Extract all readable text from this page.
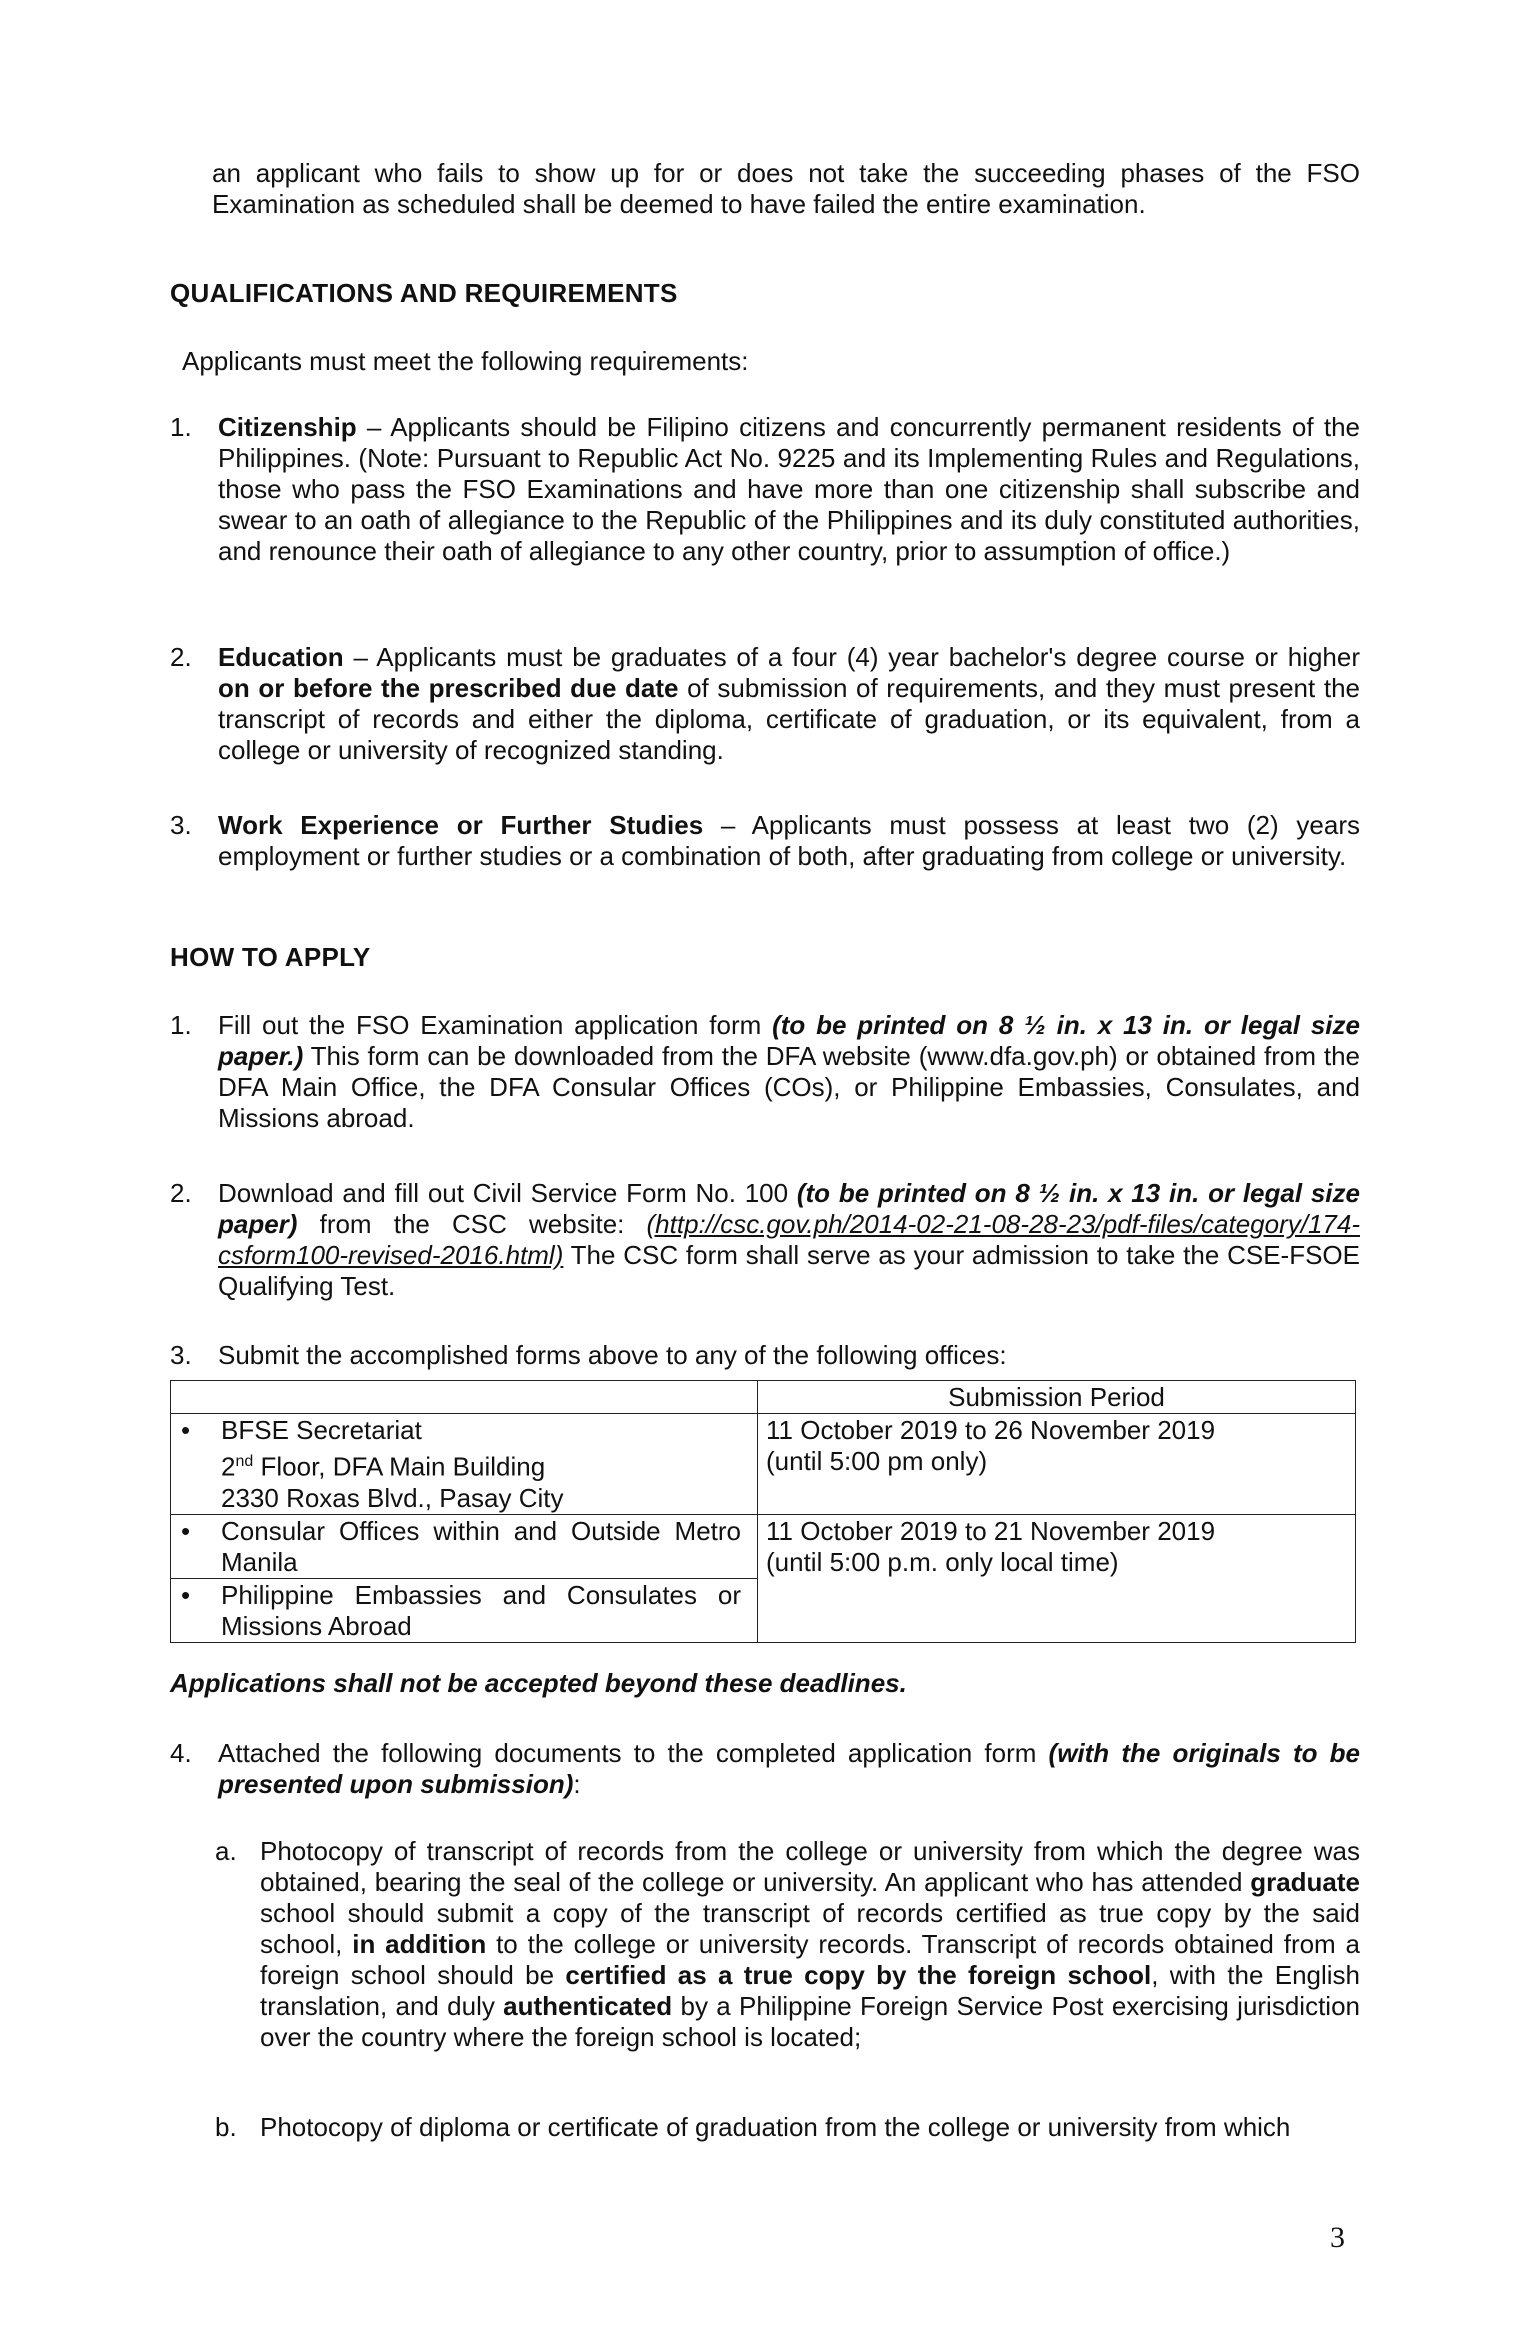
an applicant who fails to show up for or does not take the succeeding phases of the FSO Examination as scheduled shall be deemed to have failed the entire examination.
QUALIFICATIONS AND REQUIREMENTS
Applicants must meet the following requirements:
1.	Citizenship – Applicants should be Filipino citizens and concurrently permanent residents of the Philippines. (Note: Pursuant to Republic Act No. 9225 and its Implementing Rules and Regulations, those who pass the FSO Examinations and have more than one citizenship shall subscribe and swear to an oath of allegiance to the Republic of the Philippines and its duly constituted authorities, and renounce their oath of allegiance to any other country, prior to assumption of office.)
2.	Education – Applicants must be graduates of a four (4) year bachelor's degree course or higher on or before the prescribed due date of submission of requirements, and they must present the transcript of records and either the diploma, certificate of graduation, or its equivalent, from a college or university of recognized standing.
3.	Work Experience or Further Studies – Applicants must possess at least two (2) years employment or further studies or a combination of both, after graduating from college or university.
HOW TO APPLY
1.	Fill out the FSO Examination application form (to be printed on 8 ½ in. x 13 in. or legal size paper.) This form can be downloaded from the DFA website (www.dfa.gov.ph) or obtained from the DFA Main Office, the DFA Consular Offices (COs), or Philippine Embassies, Consulates, and Missions abroad.
2.	Download and fill out Civil Service Form No. 100 (to be printed on 8 ½ in. x 13 in. or legal size paper) from the CSC website: (http://csc.gov.ph/2014-02-21-08-28-23/pdf-files/category/174-csform100-revised-2016.html) The CSC form shall serve as your admission to take the CSE-FSOE Qualifying Test.
3.	Submit the accomplished forms above to any of the following offices:
	Submission Period
• BFSE Secretariat
2nd Floor, DFA Main Building
2330 Roxas Blvd., Pasay City	11 October 2019 to 26 November 2019
(until 5:00 pm only)
• Consular Offices within and Outside Metro Manila	11 October 2019 to 21 November 2019
(until 5:00 p.m. only local time)
• Philippine Embassies and Consulates or Missions Abroad	
Applications shall not be accepted beyond these deadlines.
4.	Attached the following documents to the completed application form (with the originals to be presented upon submission):
a. Photocopy of transcript of records from the college or university from which the degree was obtained, bearing the seal of the college or university. An applicant who has attended graduate school should submit a copy of the transcript of records certified as true copy by the said school, in addition to the college or university records. Transcript of records obtained from a foreign school should be certified as a true copy by the foreign school, with the English translation, and duly authenticated by a Philippine Foreign Service Post exercising jurisdiction over the country where the foreign school is located;
b. Photocopy of diploma or certificate of graduation from the college or university from which
3
